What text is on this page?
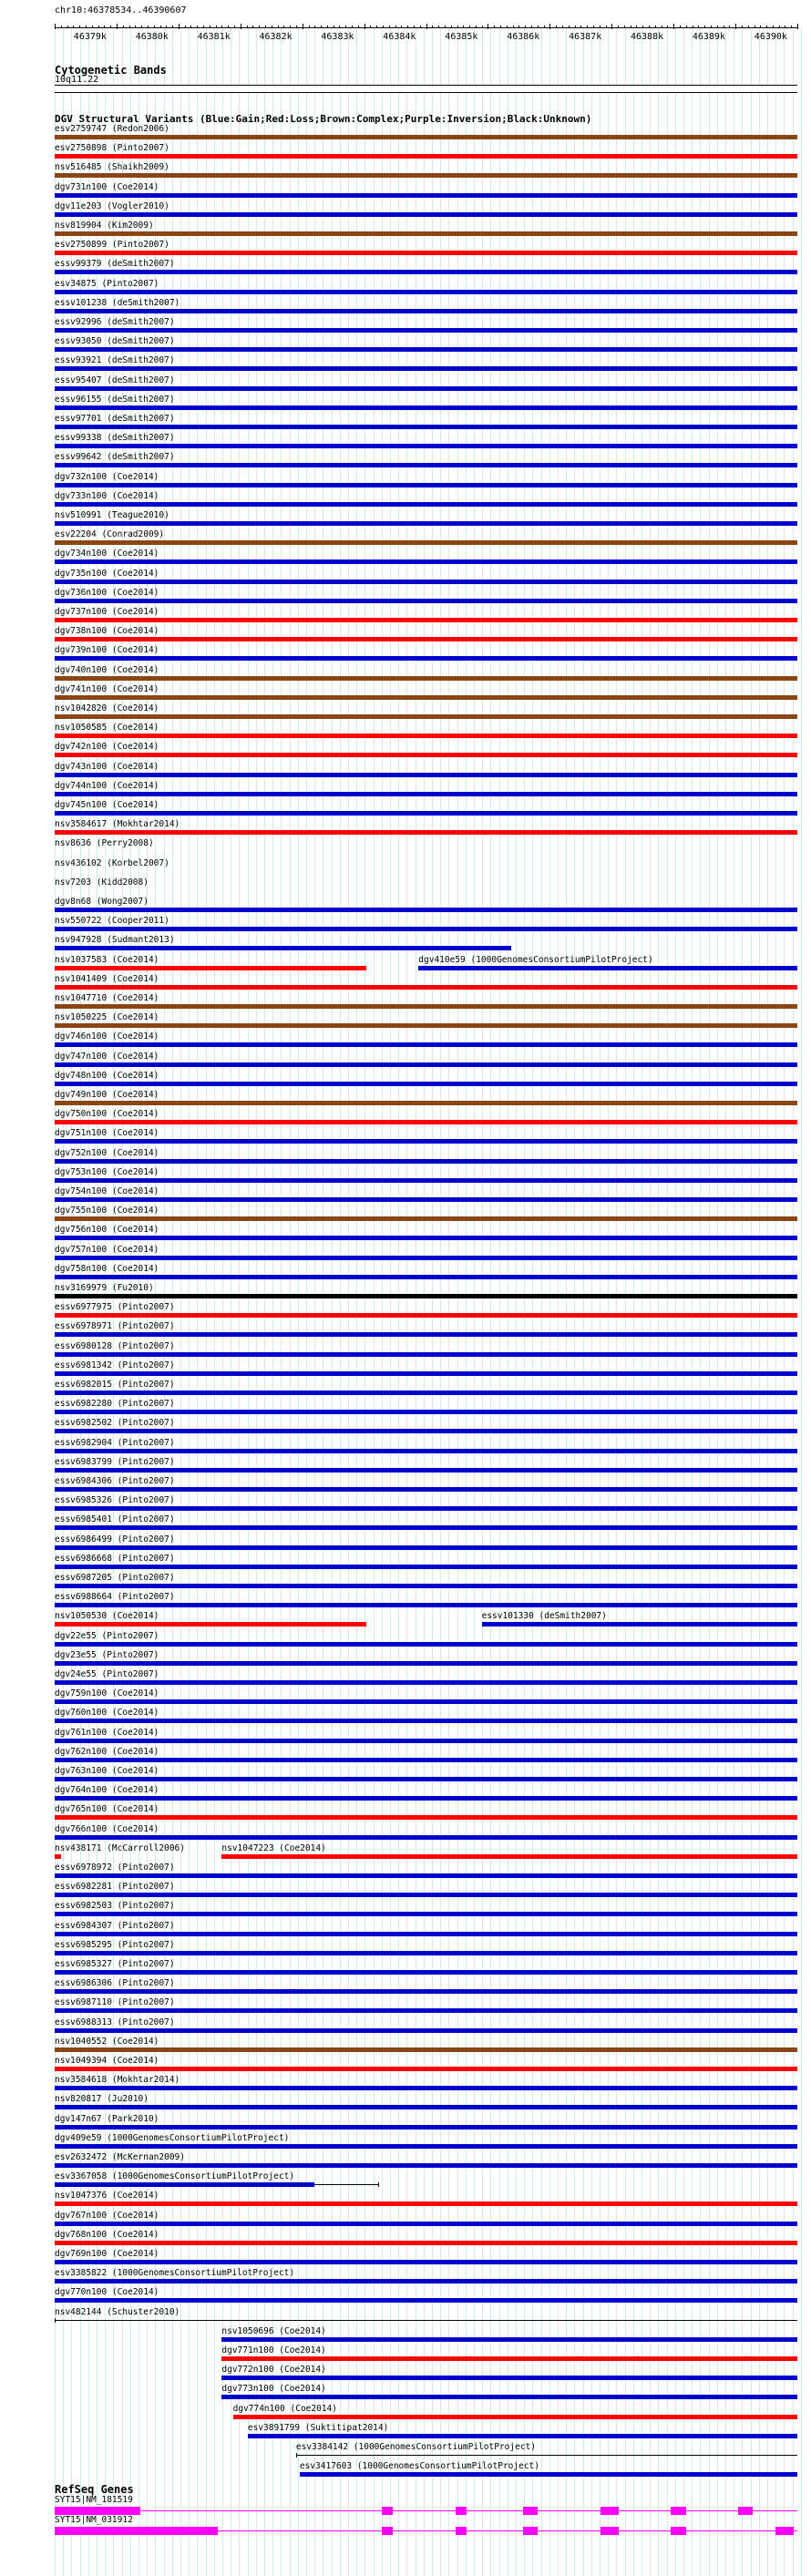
chr10:46378534..46390607
46379k	46380k	46381k	46382k	46383k	46384k	46385k	46386k	46387k	46388k	46389k	46390k
Cytogenetic Bands
10q11.22
DGV Structural Variants (Blue:Gain;Red:Loss;Brown:Complex;Purple:Inversion;Black:Unknown)
esv2759747 (Redon2006)
esv2750898 (Pinto2007)
nsv516485 (Shaikh2009)
dgv731n100 (Coe2014)
dgv11e203 (Vogler2010)
nsv819904 (Kim2009)
esv2750899 (Pinto2007)
essv99379 (deSmith2007)
esv34875 (Pinto2007)
essv101238 (deSmith2007)
essv92996 (deSmith2007)
essv93050 (deSmith2007)
essv93921 (deSmith2007)
essv95407 (deSmith2007)
essv96155 (deSmith2007)
essv97701 (deSmith2007)
essv99338 (deSmith2007)
essv99642 (deSmith2007)
dgv732n100 (Coe2014)
dgv733n100 (Coe2014)
nsv510991 (Teague2010)
esv22204 (Conrad2009)
dgv734n100 (Coe2014)
dgv735n100 (Coe2014)
dgv736n100 (Coe2014)
dgv737n100 (Coe2014)
dgv738n100 (Coe2014)
dgv739n100 (Coe2014)
dgv740n100 (Coe2014)
dgv741n100 (Coe2014)
nsv1042820 (Coe2014)
nsv1050585 (Coe2014)
dgv742n100 (Coe2014)
dgv743n100 (Coe2014)
dgv744n100 (Coe2014)
dgv745n100 (Coe2014)
nsv3584617 (Mokhtar2014)
nsv8636 (Perry2008)
nsv436102 (Korbel2007)
nsv7203 (Kidd2008)
dgv8n68 (Wong2007)
nsv550722 (Cooper2011)
nsv947928 (Sudmant2013)
nsv1037583 (Coe2014)	dgv410e59 (1000GenomesConsortiumPilotProject)
nsv1041409 (Coe2014)
nsv1047710 (Coe2014)
nsv1050225 (Coe2014)
dgv746n100 (Coe2014)
dgv747n100 (Coe2014)
dgv748n100 (Coe2014)
dgv749n100 (Coe2014)
dgv750n100 (Coe2014)
dgv751n100 (Coe2014)
dgv752n100 (Coe2014)
dgv753n100 (Coe2014)
dgv754n100 (Coe2014)
dgv755n100 (Coe2014)
dgv756n100 (Coe2014)
dgv757n100 (Coe2014)
dgv758n100 (Coe2014)
nsv3169979 (Fu2010)
essv6977975 (Pinto2007)
essv6978971 (Pinto2007)
essv6980128 (Pinto2007)
essv6981342 (Pinto2007)
essv6982015 (Pinto2007)
essv6982280 (Pinto2007)
essv6982502 (Pinto2007)
essv6982904 (Pinto2007)
essv6983799 (Pinto2007)
essv6984306 (Pinto2007)
essv6985326 (Pinto2007)
essv6985401 (Pinto2007)
essv6986499 (Pinto2007)
essv6986668 (Pinto2007)
essv6987205 (Pinto2007)
essv6988664 (Pinto2007)
nsv1050530 (Coe2014)	essv101330 (deSmith2007)
dgv22e55 (Pinto2007)
dgv23e55 (Pinto2007)
dgv24e55 (Pinto2007)
dgv759n100 (Coe2014)
dgv760n100 (Coe2014)
dgv761n100 (Coe2014)
dgv762n100 (Coe2014)
dgv763n100 (Coe2014)
dgv764n100 (Coe2014)
dgv765n100 (Coe2014)
dgv766n100 (Coe2014)
nsv438171 (McCarroll2006)	nsv1047223 (Coe2014)
essv6978972 (Pinto2007)
essv6982281 (Pinto2007)
essv6982503 (Pinto2007)
essv6984307 (Pinto2007)
essv6985295 (Pinto2007)
essv6985327 (Pinto2007)
essv6986306 (Pinto2007)
essv6987110 (Pinto2007)
essv6988313 (Pinto2007)
nsv1040552 (Coe2014)
nsv1049394 (Coe2014)
nsv3584618 (Mokhtar2014)
nsv820817 (Ju2010)
dgv147n67 (Park2010)
dgv409e59 (1000GenomesConsortiumPilotProject)
esv2632472 (McKernan2009)
esv3367058 (1000GenomesConsortiumPilotProject)
nsv1047376 (Coe2014)
dgv767n100 (Coe2014)
dgv768n100 (Coe2014)
dgv769n100 (Coe2014)
esv3385822 (1000GenomesConsortiumPilotProject)
dgv770n100 (Coe2014)
nsv482144 (Schuster2010)
nsv1050696 (Coe2014)
dgv771n100 (Coe2014)
dgv772n100 (Coe2014)
dgv773n100 (Coe2014)
dgv774n100 (Coe2014)
esv3891799 (Suktitipat2014)
esv3384142 (1000GenomesConsortiumPilotProject)
esv3417603 (1000GenomesConsortiumPilotProject)
RefSeq Genes
SYT15|NM_181519
SYT15|NM_031912
